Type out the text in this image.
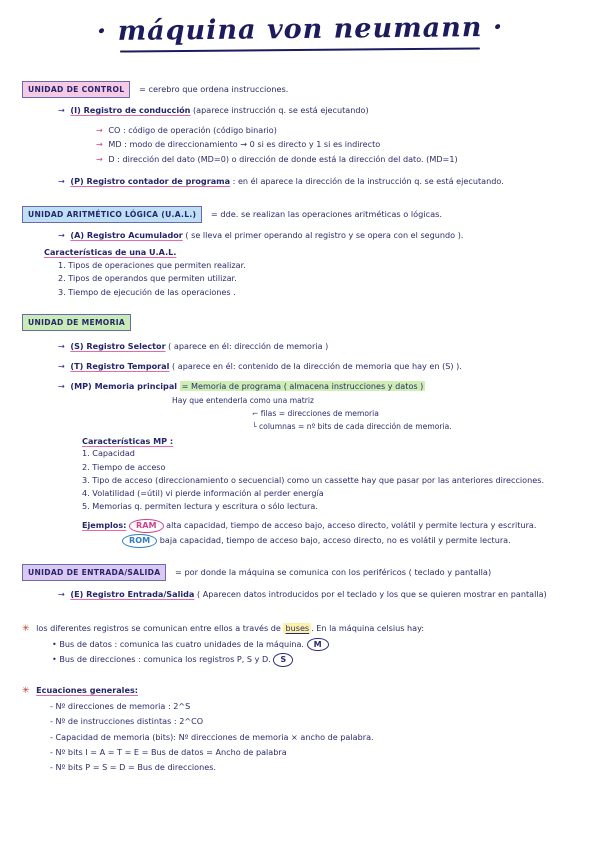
· máquina von neumann ·
UNIDAD DE CONTROL = cerebro que ordena instrucciones.
→ (I) Registro de conducción (aparece instrucción q. se está ejecutando)
→ CO : código de operación (código binario)
→ MD : modo de direccionamiento → 0 si es directo y 1 si es indirecto
→ D : dirección del dato (MD=0) o dirección de donde está la dirección del dato. (MD=1)
→ (P) Registro contador de programa : en él aparece la dirección de la instrucción q. se está ejecutando.
UNIDAD ARITMÉTICO LÓGICA (U.A.L.) = dde. se realizan las operaciones aritméticas o lógicas.
→ (A) Registro Acumulador ( se lleva el primer operando al registro y se opera con el segundo ).
Características de una U.A.L.
1. Tipos de operaciones que permiten realizar.
2. Tipos de operandos que permiten utilizar.
3. Tiempo de ejecución de las operaciones .
UNIDAD DE MEMORIA
→ (S) Registro Selector ( aparece en él: dirección de memoria )
→ (T) Registro Temporal ( aparece en él: contenido de la dirección de memoria que hay en (S) ).
→ (MP) Memoria principal = Memoria de programa ( almacena instrucciones y datos )
Hay que entenderla como una matriz
⌐ filas = direcciones de memoria
└ columnas = nº bits de cada dirección de memoria.
Características MP :
1. Capacidad
2. Tiempo de acceso
3. Tipo de acceso (direccionamiento o secuencial) como un cassette hay que pasar por las anteriores direcciones.
4. Volatilidad (=útil) vi pierde información al perder energía
5. Memorias q. permiten lectura y escritura o sólo lectura.
Ejemplos: RAM alta capacidad, tiempo de acceso bajo, acceso directo, volátil y permite lectura y escritura.
ROM baja capacidad, tiempo de acceso bajo, acceso directo, no es volátil y permite lectura.
UNIDAD DE ENTRADA/SALIDA = por donde la máquina se comunica con los periféricos ( teclado y pantalla)
→ (E) Registro Entrada/Salida ( Aparecen datos introducidos por el teclado y los que se quieren mostrar en pantalla)
✳ los diferentes registros se comunican entre ellos a través de buses . En la máquina celsius hay:
• Bus de datos : comunica las cuatro unidades de la máquina. M
• Bus de direcciones : comunica los registros P, S y D. S
✳ Ecuaciones generales:
- Nº direcciones de memoria : 2^S
- Nº de instrucciones distintas : 2^CO
- Capacidad de memoria (bits): Nº direcciones de memoria × ancho de palabra.
- Nº bits I = A = T = E = Bus de datos = Ancho de palabra
- Nº bits P = S = D = Bus de direcciones.
